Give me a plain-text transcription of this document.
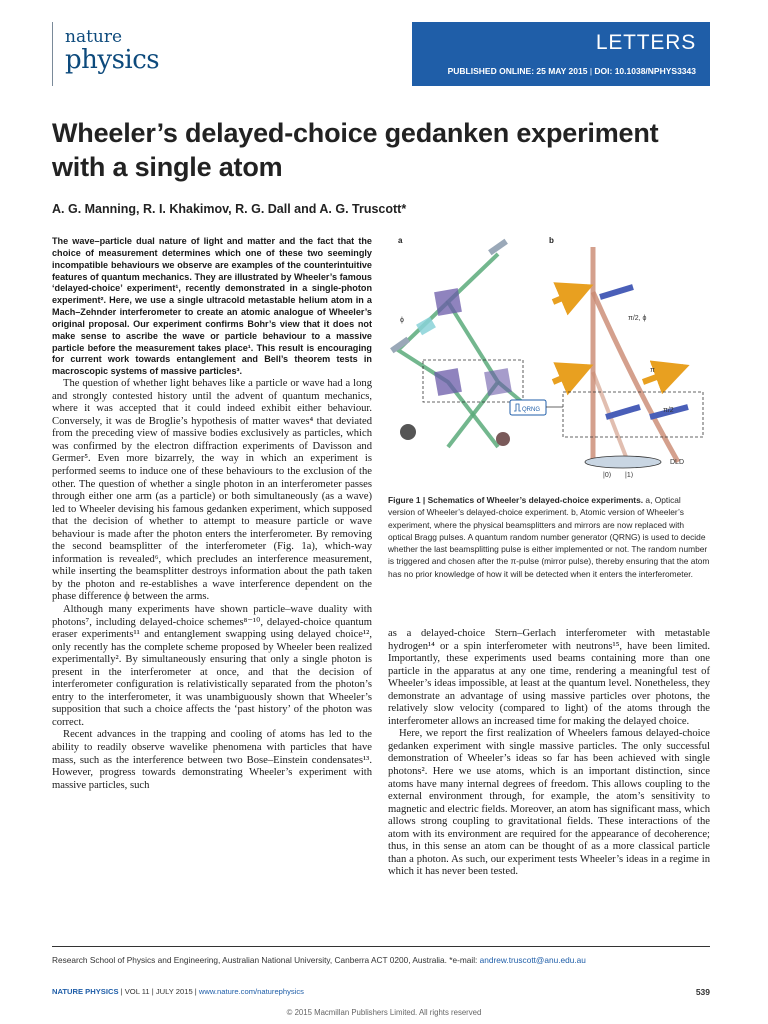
nature
physics
LETTERS
PUBLISHED ONLINE: 25 MAY 2015 | DOI: 10.1038/NPHYS3343
Wheeler’s delayed-choice gedanken experiment with a single atom
A. G. Manning, R. I. Khakimov, R. G. Dall and A. G. Truscott*

The wave–particle dual nature of light and matter and the fact that the choice of measurement determines which one of these two seemingly incompatible behaviours we observe are examples of the counterintuitive features of quantum mechanics. They are illustrated by Wheeler’s famous ‘delayed-choice’ experiment¹, recently demonstrated in a single-photon experiment². Here, we use a single ultracold metastable helium atom in a Mach–Zehnder interferometer to create an atomic analogue of Wheeler’s original proposal. Our experiment confirms Bohr’s view that it does not make sense to ascribe the wave or particle behaviour to a massive particle before the measurement takes place¹. This result is encouraging for current work towards entanglement and Bell’s theorem tests in macroscopic systems of massive particles³.

The question of whether light behaves like a particle or wave had a long and strongly contested history until the advent of quantum mechanics, where it was accepted that it could indeed exhibit either behaviour. Conversely, it was de Broglie’s hypothesis of matter waves⁴ that deviated from the preceding view of massive bodies exclusively as particles, which was confirmed by the electron diffraction experiments of Davisson and Germer⁵. Even more bizarrely, the way in which an experiment is performed seems to induce one of these behaviours to the exclusion of the other. The question of whether a single photon in an interferometer passes through either one arm (as a particle) or both simultaneously (as a wave) led to Wheeler devising his famous gedanken experiment, which supposed that the decision of whether to attempt to measure particle or wave behaviour is made after the photon enters the interferometer. By removing the second beamsplitter of the interferometer (Fig. 1a), which-way information is revealed⁶, which precludes an interference measurement, while inserting the beamsplitter destroys information about the path taken by the photon and re-establishes a wave interference dependent on the phase difference ϕ between the arms.

Although many experiments have shown particle–wave duality with photons⁷, including delayed-choice schemes⁸⁻¹⁰, delayed-choice quantum eraser experiments¹¹ and entanglement swapping using delayed choice¹², only recently has the complete scheme proposed by Wheeler been realized experimentally². By simultaneously ensuring that only a single photon is present in the interferometer at once, and that the decision of interferometer configuration is relativistically separated from the photon’s entry to the interferometer, it was unambiguously shown that Wheeler’s supposition that such a choice affects the ‘past history’ of the photon was correct.

Recent advances in the trapping and cooling of atoms has led to the ability to readily observe wavelike phenomena with particles that have mass, such as the interference between two Bose–Einstein condensates¹³. However, progress towards demonstrating Wheeler’s experiment with massive particles, such

QRNG
ϕ	π/2, ϕ
π
π/2
DLD
|0⟩ |1⟩
a	b

Figure 1 | Schematics of Wheeler’s delayed-choice experiments. a, Optical version of Wheeler’s delayed-choice experiment. b, Atomic version of Wheeler’s experiment, where the physical beamsplitters and mirrors are now replaced with optical Bragg pulses. A quantum random number generator (QRNG) is used to decide whether the last beamsplitting pulse is either implemented or not. The random number is triggered and chosen after the π-pulse (mirror pulse), thereby ensuring that the atom has no prior knowledge of how it will be detected when it enters the interferometer.

as a delayed-choice Stern–Gerlach interferometer with metastable hydrogen¹⁴ or a spin interferometer with neutrons¹⁵, have been limited. Importantly, these experiments used beams containing more than one particle in the apparatus at any one time, rendering a meaningful test of Wheeler’s ideas impossible, at least at the quantum level. Nonetheless, they demonstrate an advantage of using massive particles over photons, the relatively slow velocity (compared to light) of the atoms through the interferometer allows an increased time for making the delayed choice.

Here, we report the first realization of Wheelers famous delayed-choice gedanken experiment with single massive particles. The only successful demonstration of Wheeler’s ideas so far has been achieved with single photons². Here we use atoms, which is an important distinction, since atoms have many internal degrees of freedom. This allows coupling to the external environment through, for example, the atom’s sensitivity to magnetic and electric fields. Moreover, an atom has significant mass, which allows strong coupling to gravitational fields. These interactions of the atom with its environment are required for the appearance of decoherence; thus, in this sense an atom can be thought of as a more classical particle than a photon. As such, our experiment tests Wheeler’s ideas in a regime in which it has never been tested.

Research School of Physics and Engineering, Australian National University, Canberra ACT 0200, Australia. *e-mail: andrew.truscott@anu.edu.au
NATURE PHYSICS | VOL 11 | JULY 2015 | www.nature.com/naturephysics	539
© 2015 Macmillan Publishers Limited. All rights reserved
